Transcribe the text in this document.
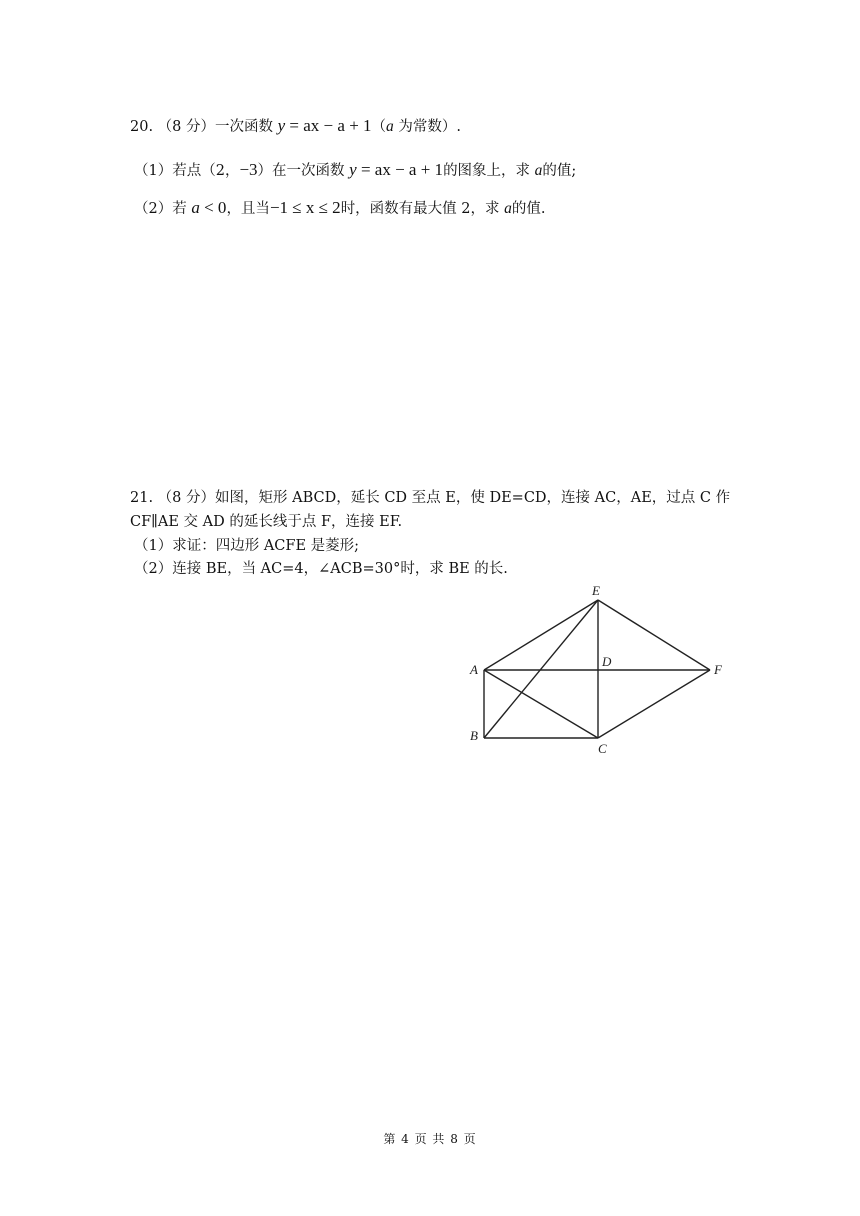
20. （8 分）一次函数 y = ax − a + 1（a 为常数）.
（1）若点（2，−3）在一次函数 y = ax − a + 1的图象上，求 a的值;
（2）若 a < 0，且当−1 ≤ x ≤ 2时，函数有最大值 2，求 a的值.
21. （8 分）如图，矩形 ABCD，延长 CD 至点 E，使 DE=CD，连接 AC，AE，过点 C 作
CF∥AE 交 AD 的延长线于点 F，连接 EF.
（1）求证：四边形 ACFE 是菱形;
（2）连接 BE，当 AC=4，∠ACB=30°时，求 BE 的长.
E
A
D
F
B
C
第 4 页 共 8 页
